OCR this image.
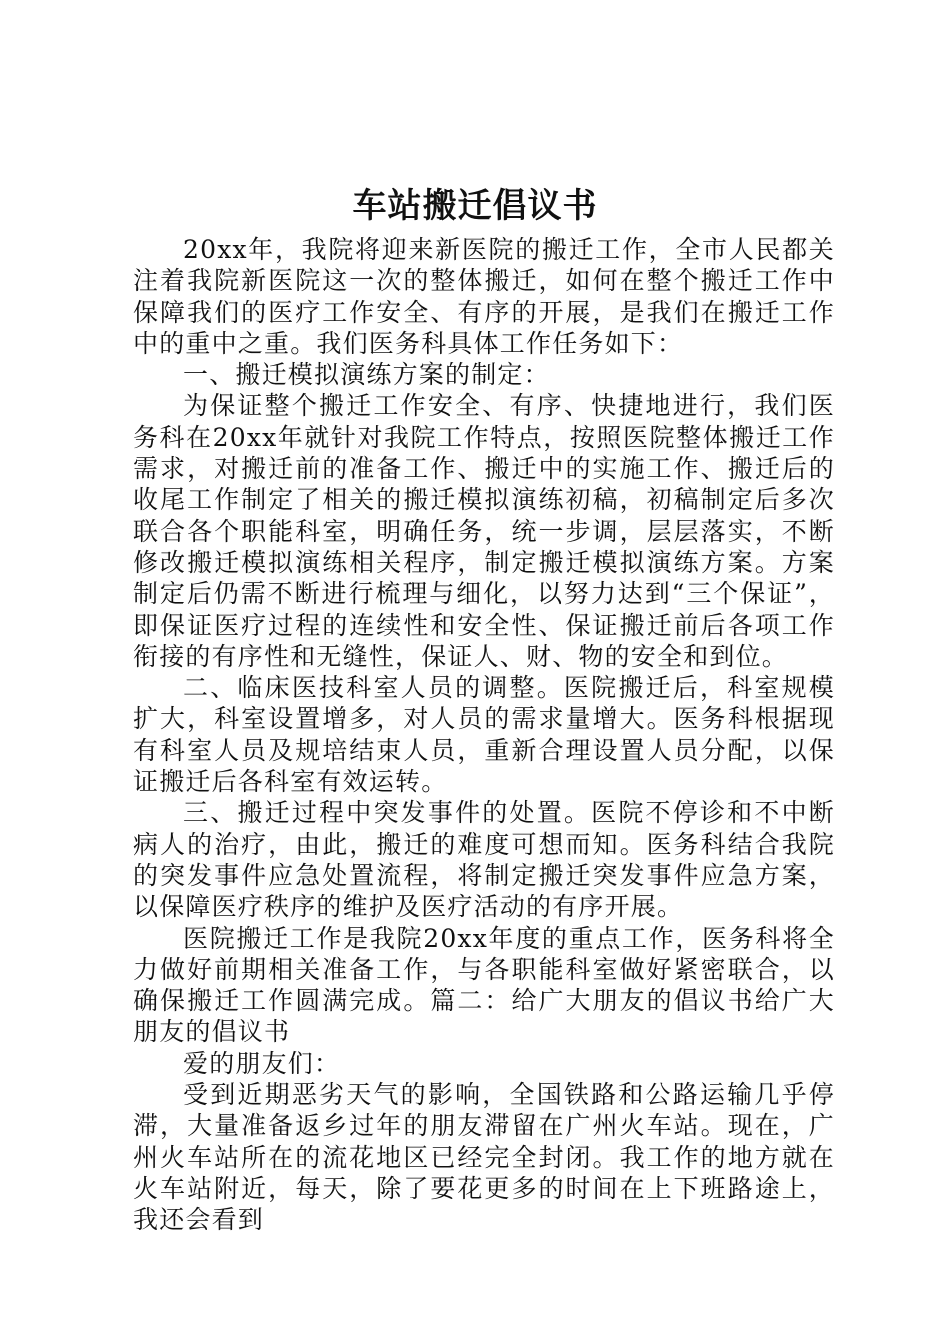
车站搬迁倡议书

20xx年，我院将迎来新医院的搬迁工作，全市人民都关注着我院新医院这一次的整体搬迁，如何在整个搬迁工作中保障我们的医疗工作安全、有序的开展，是我们在搬迁工作中的重中之重。我们医务科具体工作任务如下：

一、搬迁模拟演练方案的制定：

为保证整个搬迁工作安全、有序、快捷地进行，我们医务科在20xx年就针对我院工作特点，按照医院整体搬迁工作需求，对搬迁前的准备工作、搬迁中的实施工作、搬迁后的收尾工作制定了相关的搬迁模拟演练初稿，初稿制定后多次联合各个职能科室，明确任务，统一步调，层层落实，不断修改搬迁模拟演练相关程序，制定搬迁模拟演练方案。方案制定后仍需不断进行梳理与细化，以努力达到“三个保证”，即保证医疗过程的连续性和安全性、保证搬迁前后各项工作衔接的有序性和无缝性，保证人、财、物的安全和到位。

二、临床医技科室人员的调整。医院搬迁后，科室规模扩大，科室设置增多，对人员的需求量增大。医务科根据现有科室人员及规培结束人员，重新合理设置人员分配，以保证搬迁后各科室有效运转。

三、搬迁过程中突发事件的处置。医院不停诊和不中断病人的治疗，由此，搬迁的难度可想而知。医务科结合我院的突发事件应急处置流程，将制定搬迁突发事件应急方案，以保障医疗秩序的维护及医疗活动的有序开展。

医院搬迁工作是我院20xx年度的重点工作，医务科将全力做好前期相关准备工作，与各职能科室做好紧密联合，以确保搬迁工作圆满完成。篇二：给广大朋友的倡议书给广大朋友的倡议书

爱的朋友们：

受到近期恶劣天气的影响，全国铁路和公路运输几乎停滞，大量准备返乡过年的朋友滞留在广州火车站。现在，广州火车站所在的流花地区已经完全封闭。我工作的地方就在火车站附近，每天，除了要花更多的时间在上下班路途上，我还会看到
